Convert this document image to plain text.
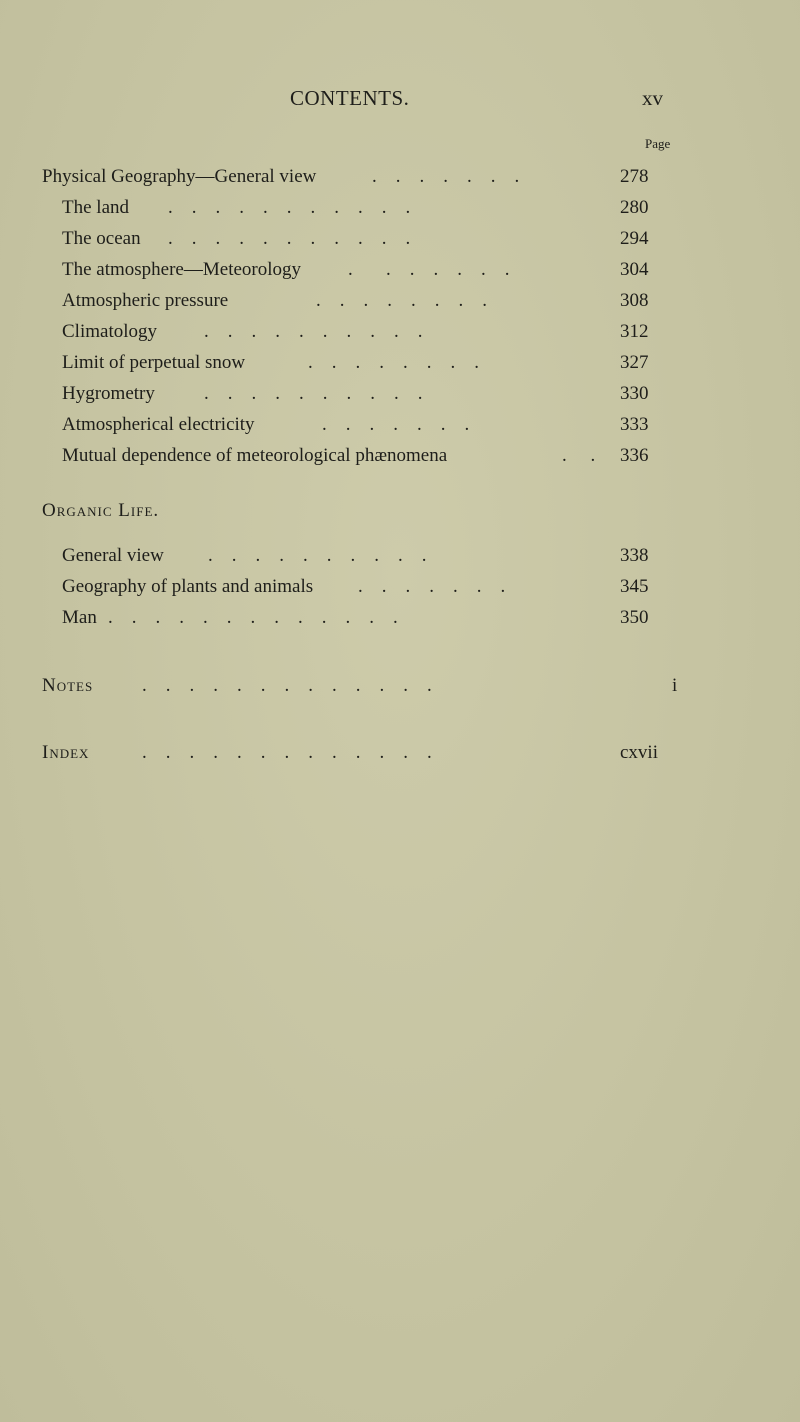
CONTENTS.	xv
Page
Physical Geography—General view	.    .    .    .    .    .    .	278
The land .    .    .    .    .    .    .    .    .    .    .	280
The ocean .    .    .    .    .    .    .    .    .    .    .	294
The atmosphere—Meteorology .       .    .    .    .    .    .	304
Atmospheric pressure	.    .    .    .    .    .    .    .	308
Climatology .    .    .    .    .    .    .    .    .    .	312
Limit of perpetual snow	.    .    .    .    .    .    .    .	327
Hygrometry	.    .    .    .    .    .    .    .    .    .	330
Atmospherical electricity	.    .    .    .    .    .    .	333
Mutual dependence of meteorological phænomena	.     . 336
Organic Life.
General view .    .    .    .    .    .    .    .    .    .	338
Geography of plants and animals .    .    .    .    .    .    .	345
Man .    .    .    .    .    .    .    .    .    .    .    .    .	350
Notes	.    .    .    .    .    .    .    .    .    .    .    .    .	i
Index	.    .    .    .    .    .    .    .    .    .    .    .    .	cxvii
